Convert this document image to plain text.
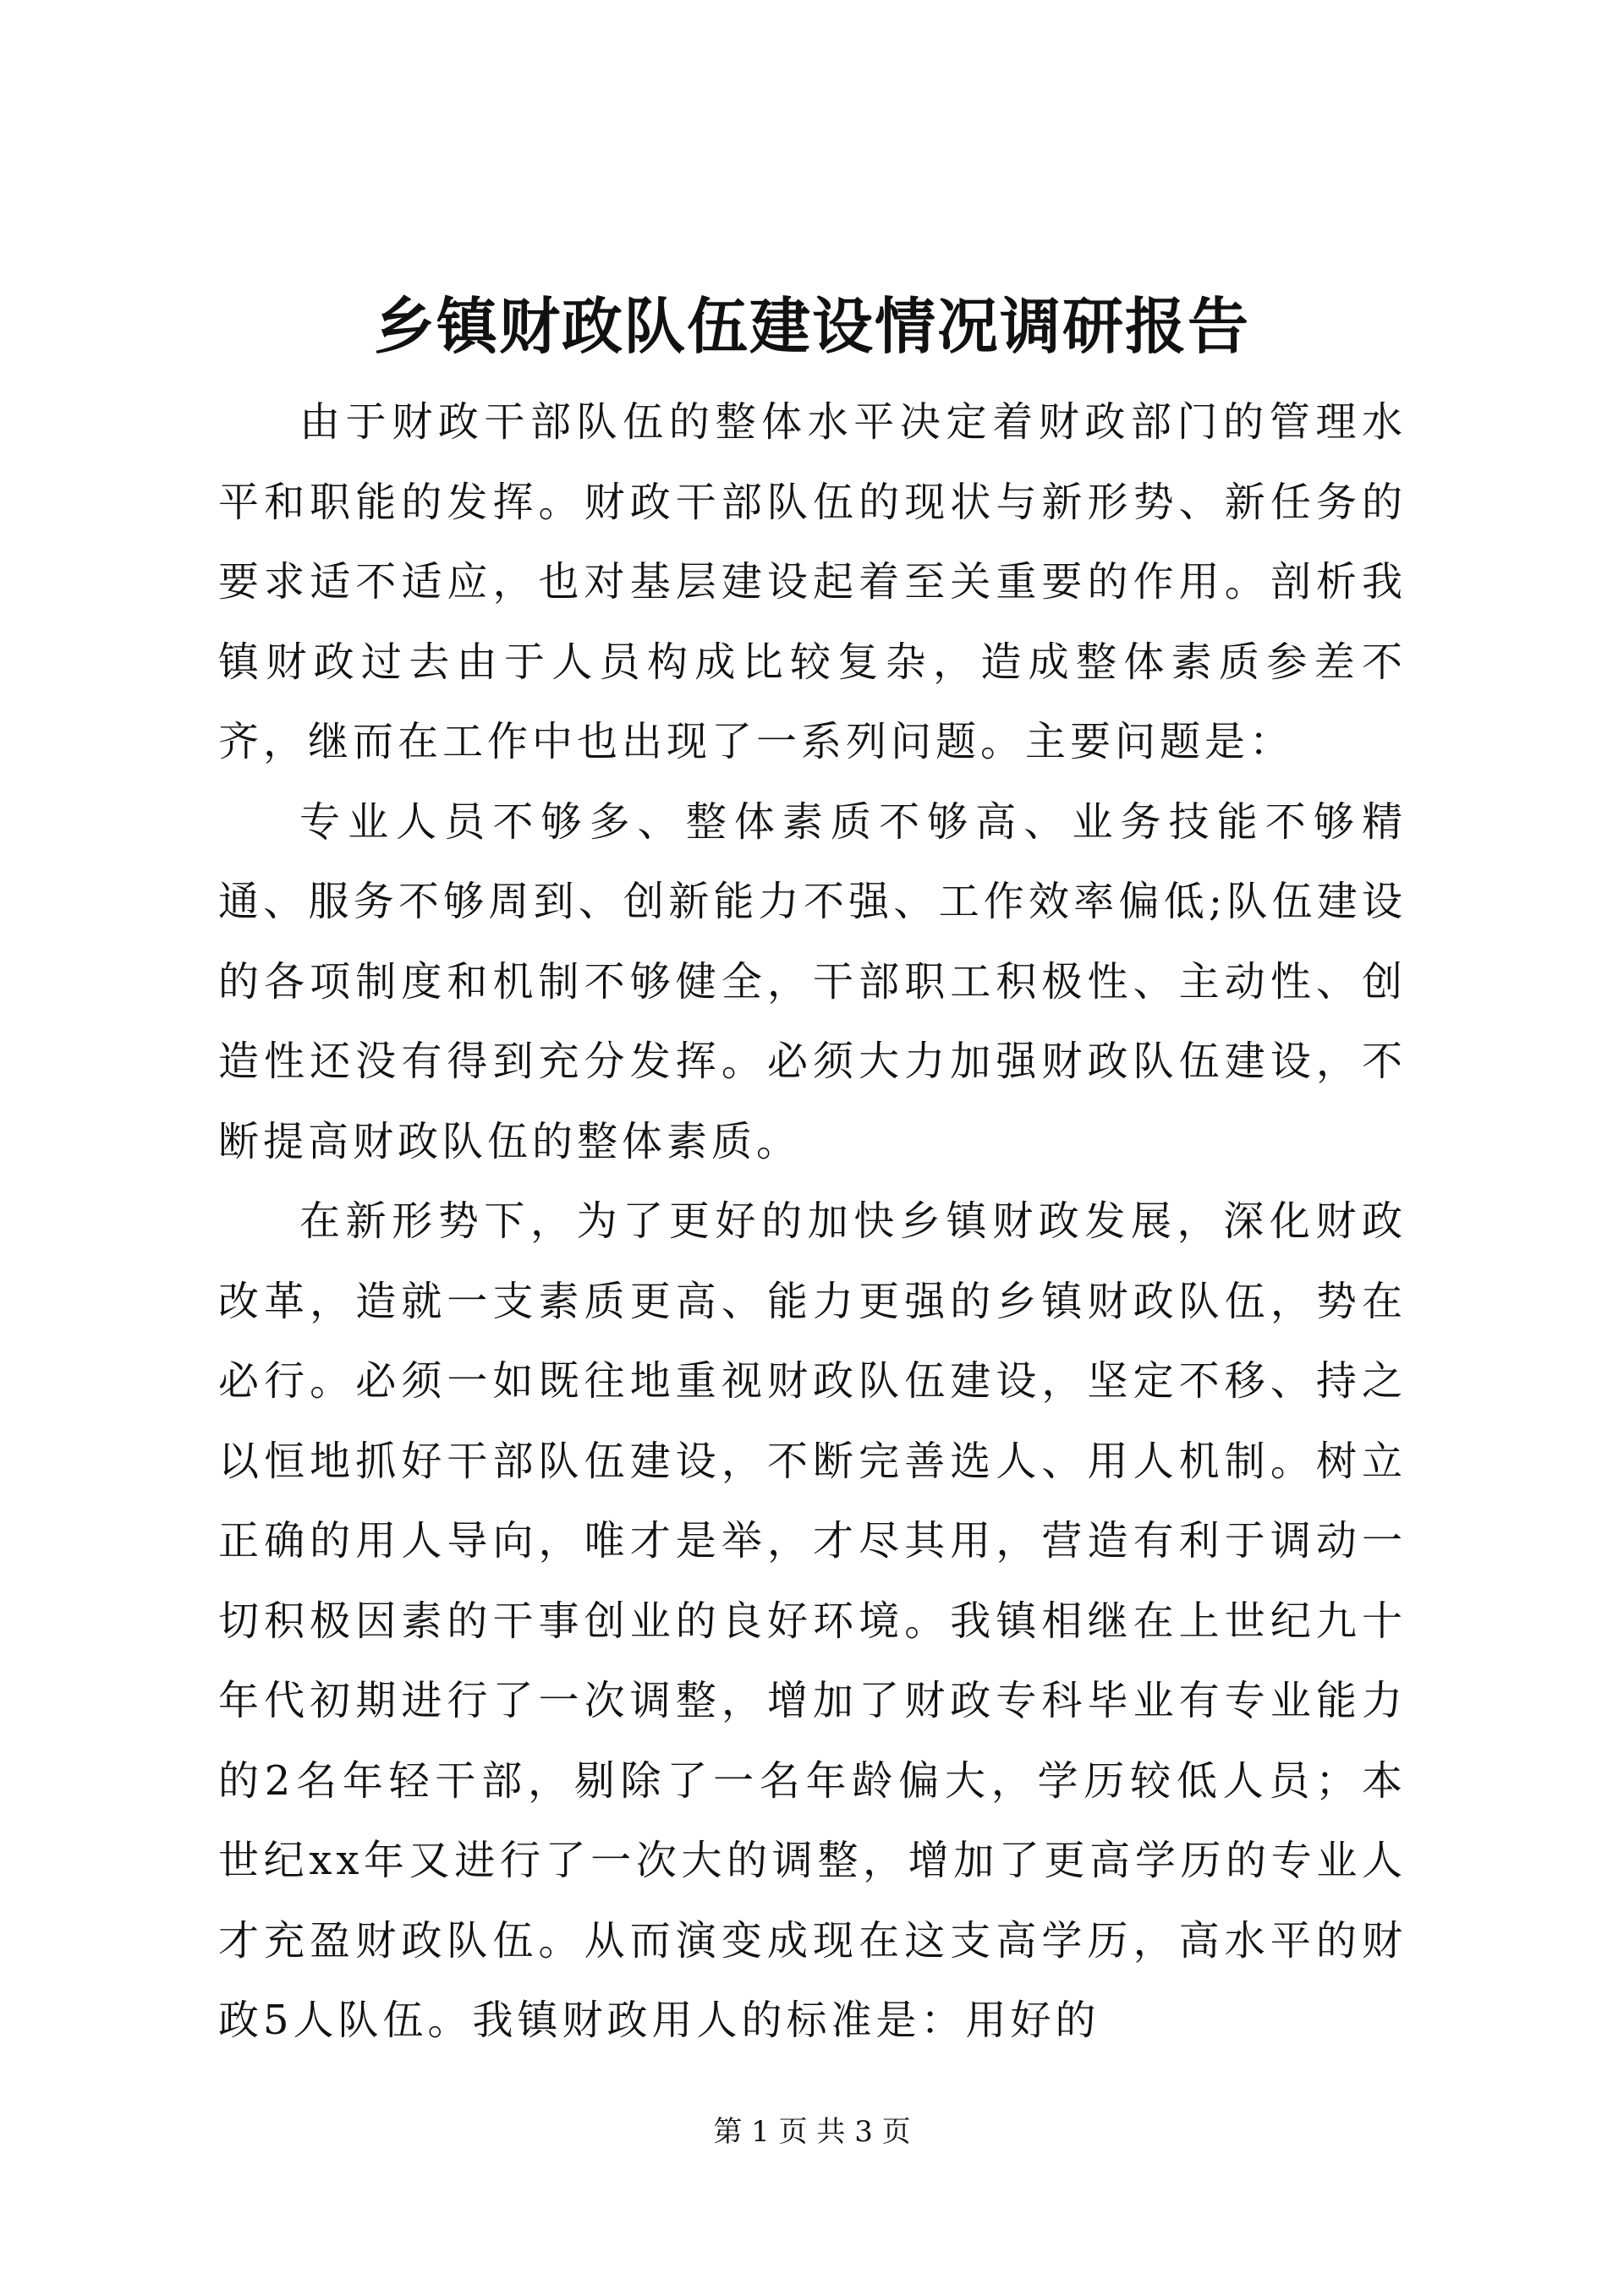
乡镇财政队伍建设情况调研报告

由于财政干部队伍的整体水平决定着财政部门的管理水平和职能的发挥。财政干部队伍的现状与新形势、新任务的要求适不适应，也对基层建设起着至关重要的作用。剖析我镇财政过去由于人员构成比较复杂，造成整体素质参差不齐，继而在工作中也出现了一系列问题。主要问题是：

专业人员不够多、整体素质不够高、业务技能不够精通、服务不够周到、创新能力不强、工作效率偏低;队伍建设的各项制度和机制不够健全，干部职工积极性、主动性、创造性还没有得到充分发挥。必须大力加强财政队伍建设，不断提高财政队伍的整体素质。

在新形势下，为了更好的加快乡镇财政发展，深化财政改革，造就一支素质更高、能力更强的乡镇财政队伍，势在必行。必须一如既往地重视财政队伍建设，坚定不移、持之以恒地抓好干部队伍建设，不断完善选人、用人机制。树立正确的用人导向，唯才是举，才尽其用，营造有利于调动一切积极因素的干事创业的良好环境。我镇相继在上世纪九十年代初期进行了一次调整，增加了财政专科毕业有专业能力的2名年轻干部，剔除了一名年龄偏大，学历较低人员；本世纪xx年又进行了一次大的调整，增加了更高学历的专业人才充盈财政队伍。从而演变成现在这支高学历，高水平的财政5人队伍。我镇财政用人的标准是：用好的

第 1 页 共 3 页
